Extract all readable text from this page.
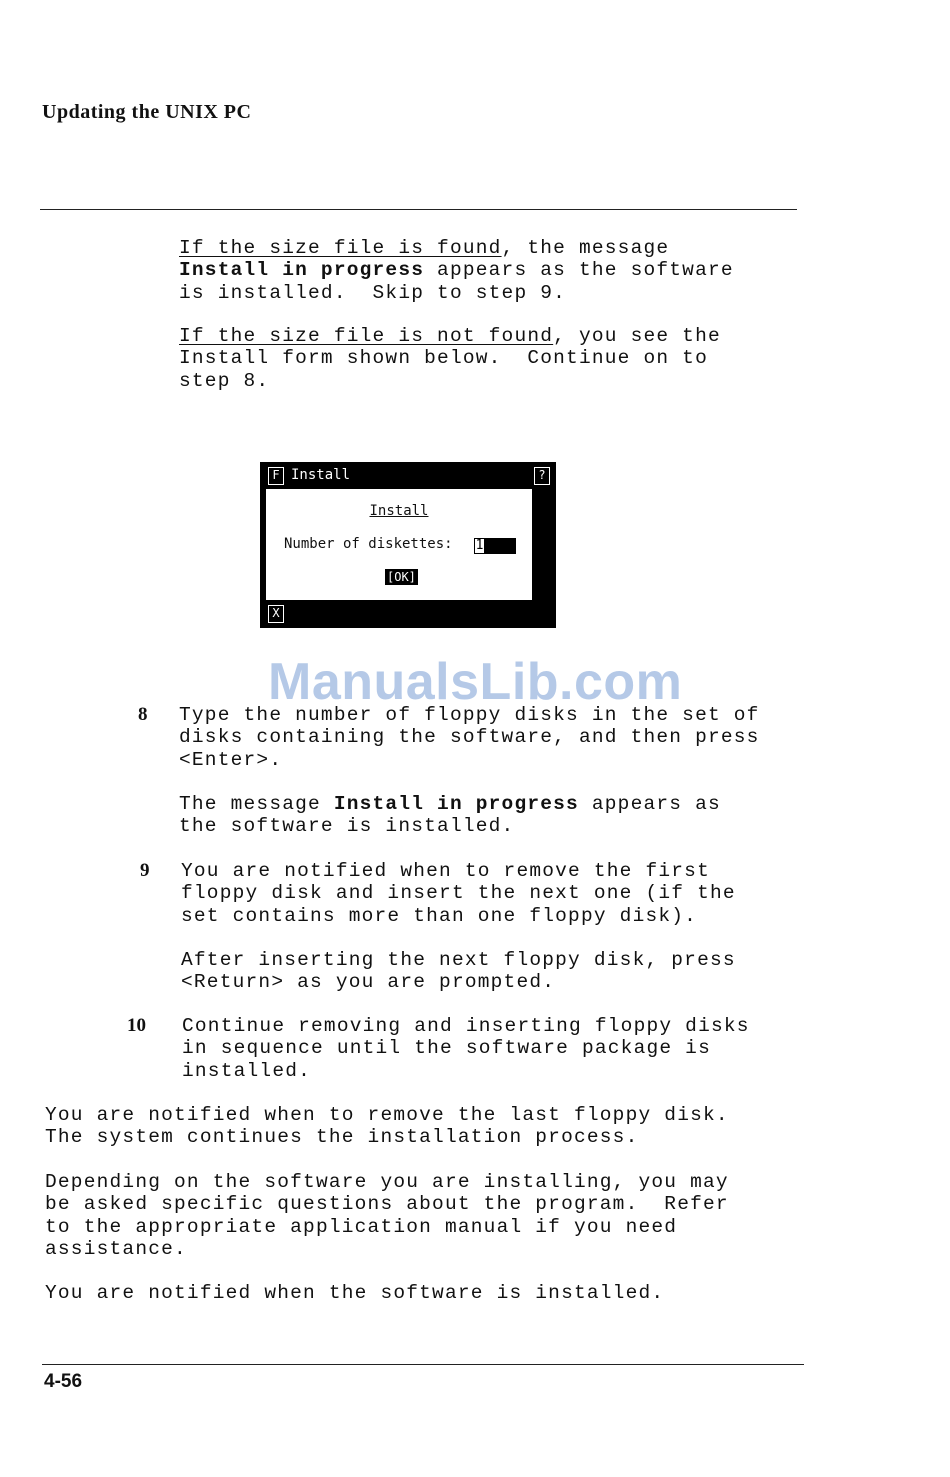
Updating the UNIX PC
If the size file is found, the message
Install in progress appears as the software
is installed.  Skip to step 9.
If the size file is not found, you see the
Install form shown below.  Continue on to
step 8.
F Install	?
Install
Number of diskettes: 1
[OK]
X
ManualsLib.com
8 Type the number of floppy disks in the set of
disks containing the software, and then press
<Enter>.
The message Install in progress appears as
the software is installed.
9 You are notified when to remove the first
floppy disk and insert the next one (if the
set contains more than one floppy disk).
After inserting the next floppy disk, press
<Return> as you are prompted.
10 Continue removing and inserting floppy disks
in sequence until the software package is
installed.
You are notified when to remove the last floppy disk.
The system continues the installation process.
Depending on the software you are installing, you may
be asked specific questions about the program.  Refer
to the appropriate application manual if you need
assistance.
You are notified when the software is installed.
4-56
